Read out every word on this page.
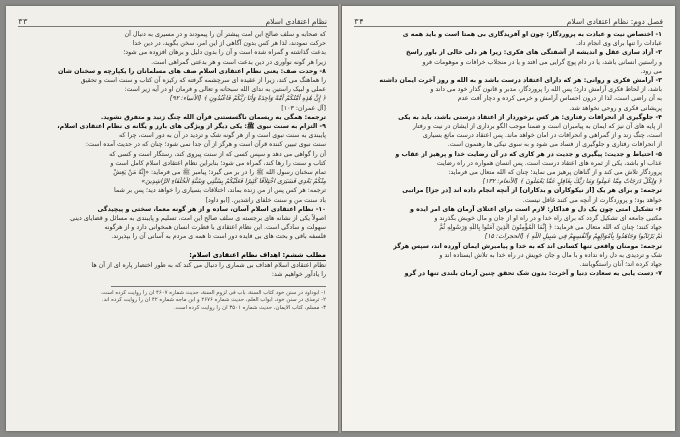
نظام اعتقادی اسلام
۳۳
که صحابه و سلف صالح این امت پیشتر آن را پیمودند و در مسیری به دنبال آن
حرکت نمودند، لذا هر کس بدون آگاهی از این امر، سخن بگوید، در دین خدا
بدعت گذاشته و گمراه شده است و آن را بدون دلیل و برهان افزوده می شود؛
زیرا هر گونه نوآوری در دین بدعت است و هر بدعتی گمراهی است.
۸- وحدت صف: یعنی نظام اعتقادی اسلام صف های مسلمانان را یکپارچه و سخنان شان
را هماهنگ می کند، زیرا از عقیده ای سرچشمه گرفته که رکیزه آن کتاب و سنت است و تحقیق
عملی و لبیک راستین به ندای الله سبحانه و تعالی و فرمان او در آیه زیر است:
﴿ إِنَّ هَٰذِهِ أُمَّتُكُمْ أُمَّةً وَاحِدَةً وَأَنَا رَبُّكُمْ فَاعْبُدُونِ ﴾ [الأنبیاء: ۹۲]
[آل عمران: ۱۰۳]
ترجمه: همگی به ریسمان ناگسستنی قرآن الله چنگ زنید و متفرق نشوید.
۹- التزام به سنت نبوی ﷺ: یکی دیگر از ویژگی های بارز و یگانه ی نظام اعتقادی اسلام،
پایبندی به سنت نبوی است و از هر گونه شک و تردید در آن به دور است، چرا که
سنت نبوی تبیین کننده قرآن است و هرگز از آن جدا نمی شود؛ چنان که در حدیث آمده است:
آن را گواهی می دهد و سپس کسی که از سنت پیروی کند، رستگار است و کسی که
کتاب و سنت را رها کند، گمراه می شود؛ بنابراین نظام اعتقادی اسلام کامل است و
تمام سخنان رسول الله ﷺ را در بر می گیرد؛ پیامبر ﷺ می فرماید: «إِنَّهُ مَنْ يَعِشْ
مِنْكُمْ بَعْدِي فَسَيَرَى اخْتِلاَفًا كَثِيرًا فَعَلَيْكُمْ بِسُنَّتِي وَسُنَّةِ الْخُلَفَاءِ الرَّاشِدِينَ»
ترجمه: هر کس پس از من زنده بماند، اختلافات بسیاری را خواهد دید؛ پس بر شما
باد سنت من و سنت خلفای راشدین. [ابو داود]
۱۰- نظام اعتقادی اسلام آسان، ساده و از هر گونه معما، سختی و پیچیدگی
اصولاً یکی از نشانه های برجسته ی سلف صالح این امت، تسلیم و پایبندی به مسائل و قضایای دینی
سهولت و سادگی است. این نظام اعتقادی با فطرت انسان همخوانی دارد و از هرگونه
فلسفه بافی و بحث های بی فایده دور است تا همه ی مردم به آسانی آن را بپذیرند.
مطلب ششم: اهداف نظام اعتقادی اسلام:
نظام اعتقادی اسلام اهداف بی شماری را دنبال می کند که به طور اختصار پاره ای از آن ها
را یادآور خواهیم شد:
۱- ابوداود در سنن خود کتاب السنة، باب فی لزوم السنة، حدیث شماره ۴۶۰۷ آن را روایت کرده است.
۲- ترمذی در سنن خود، ابواب العلم، حدیث شماره ۲۶۷۶ و ابن ماجه شماره ۴۲ آن را روایت کرده اند.
۳- مسلم، کتاب الایمان، حدیث شماره ۳۵۰۱ آن را روایت کرده است.
فصل دوم: نظام اعتقادی اسلام
۳۴
۱- اختصاص نیت و عبادت به پروردگار: چون او آفریدگاری بی همتا است و باید همه ی
عبادات را تنها برای وی انجام داد.
۲- آزاد سازی عقل و اندیشه از آشفتگی های فکری: زیرا هر دلی خالی از باور راسخ
و راستین انسانی باشد، یا در دام پوچ گرایی می افتد و یا در منجلاب خرافات و موهومات فرو
می رود.
۳- آرامش فکری و روانی: هر که دارای اعتقاد درست باشد و به الله و روز آخرت ایمان داشته
باشد، از لحاظ فکری آرامش دارد؛ پس الله را پروردگار، مدبر و قانون گذار خود می داند و
به آن راضی است، لذا از درون احساس آرامش و خرمی کرده و دچار آفت عدم
پریشانی فکری و روحی نخواهد شد.
۴- جلوگیری از انحرافات رفتاری: هر کس برخوردار از اعتقاد درستی باشد، باید به یکی
از پایه های آن نیز که ایمان به پیامبران است و ضمنا موجب الگو برداری از ایشان در نیت و رفتار
است، چنگ زند و از گمراهی و انحرافات در امان خواهد ماند. پس اعتقاد درست مانع بسیاری
از انحرافات رفتاری و جلوگیری از فساد می شود و به سوی نیکی ها رهنمون است.
۵- احتیاط و جدیت: پیگیری و جدیت در هر کاری که در آن رضایت خدا و پرهیز از عقاب و
عذاب او باشد، یکی از ثمره های اعتقاد درست است. پس انسان همواره در راه رضایت
پروردگار تلاش می کند و از گناهان پرهیز می نماید؛ چنان که الله متعال می فرماید:
﴿ وَلِكُلٍّ دَرَجَاتٌ مِمَّا عَمِلُوا وَمَا رَبُّكَ بِغَافِلٍ عَمَّا يَعْمَلُونَ ﴾ [الأنعام: ۱۳۲]
ترجمه: و برای هر یک [از نیکوکاران و بدکاران] از آنچه انجام داده اند [در جزا] مراتبی
خواهد بود؛ و پروردگارت از آنچه می کنند غافل نیست.
۶- تشکیل امتی چون یک دل و فداکار: لازم است برای اعتلای آرمان های امر ایده و
مکتبی جامعه ای تشکیل گردد که برای راه خدا و در راه او از جان و مال خویش بگذرند و
جهاد کنند؛ چنان که الله متعال می فرماید: ﴿ إِنَّمَا الْمُؤْمِنُونَ الَّذِينَ آمَنُوا بِاللَّهِ وَرَسُولِهِ ثُمَّ
لَمْ يَرْتَابُوا وَجَاهَدُوا بِأَمْوَالِهِمْ وَأَنْفُسِهِمْ فِي سَبِيلِ اللَّهِ ﴾ [الحجرات: ۱۵]
ترجمه: مومنان واقعی تنها کسانی اند که به خدا و پیامبرش ایمان آورده اند، سپس هرگز
شک و تردیدی به دل راه نداده و با مال و جان خویش در راه خدا به تلاش ایستاده اند و
جهاد کرده اند؛ آنان راستگویانند.
۷- دست یابی به سعادت دنیا و آخرت: بدون شک تحقق چنین آرمان بلندی تنها در گرو
